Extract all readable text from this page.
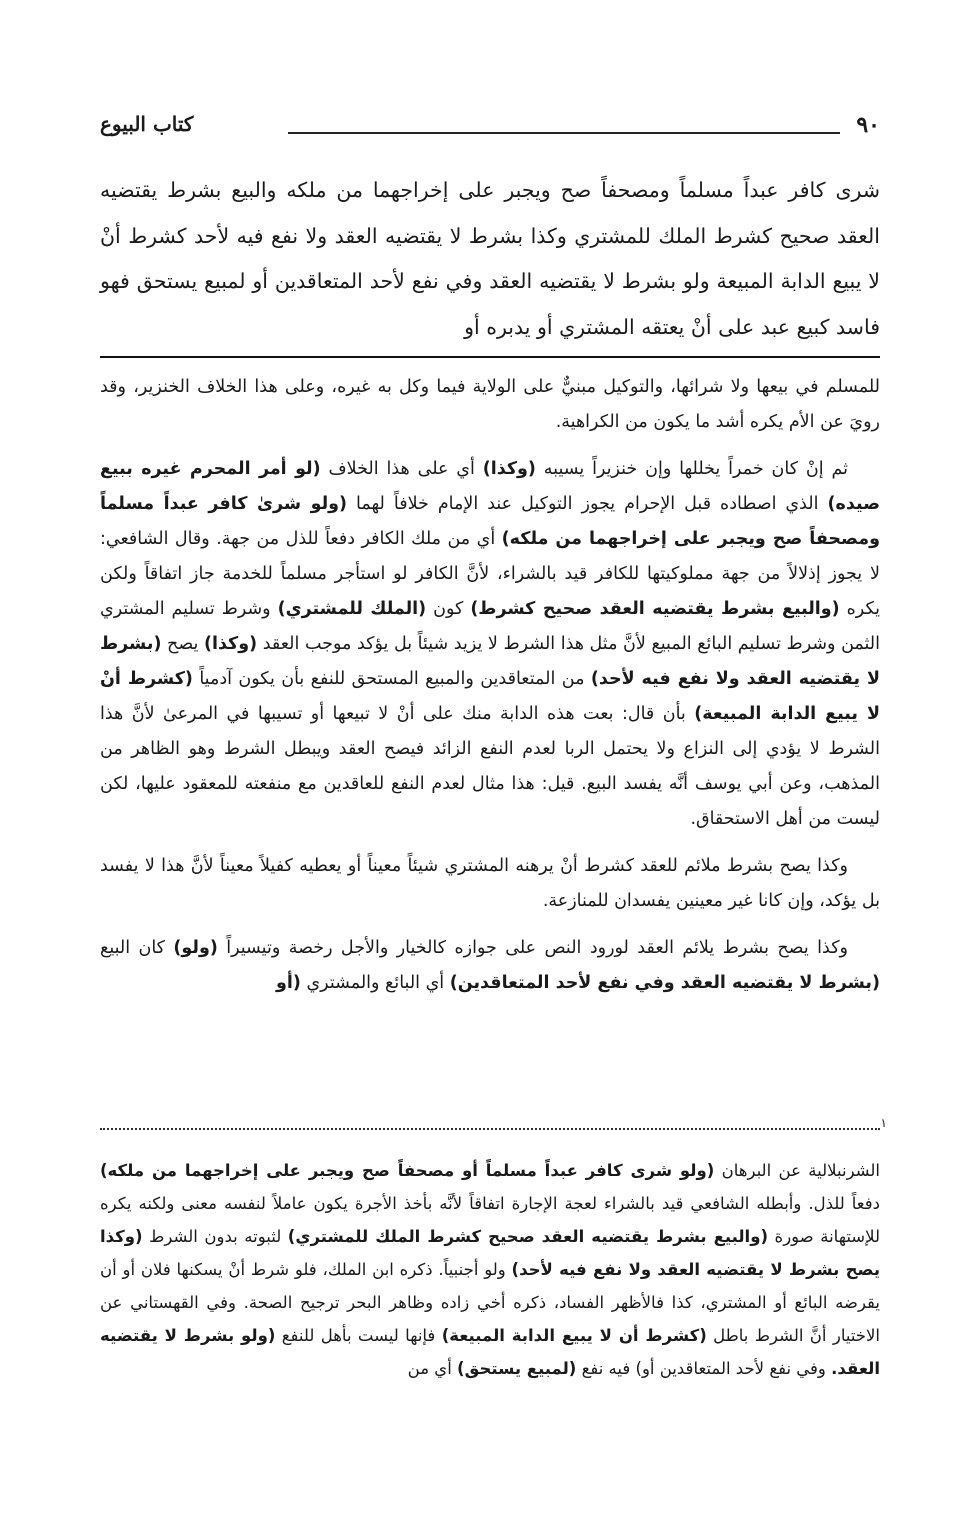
٩٠
كتاب البيوع
شرى كافر عبداً مسلماً ومصحفاً صح ويجبر على إخراجهما من ملكه والبيع بشرط يقتضيه العقد صحيح كشرط الملك للمشتري وكذا بشرط لا يقتضيه العقد ولا نفع فيه لأحد كشرط أنْ لا يبيع الدابة المبيعة ولو بشرط لا يقتضيه العقد وفي نفع لأحد المتعاقدين أو لمبيع يستحق فهو فاسد كبيع عبد على أنْ يعتقه المشتري أو يدبره أو

للمسلم في بيعها ولا شرائها، والتوكيل مبنيٌّ على الولاية فيما وكل به غيره، وعلى هذا الخلاف الخنزير، وقد رويَ عن الأم يكره أشد ما يكون من الكراهية.

ثم إنْ كان خمراً يخللها وإن خنزيراً يسيبه (وكذا) أي على هذا الخلاف (لو أمر المحرم غيره ببيع صيده) الذي اصطاده قبل الإحرام يجوز التوكيل عند الإمام خلافاً لهما (ولو شرىٰ كافر عبداً مسلماً ومصحفاً صح ويجبر على إخراجهما من ملكه) أي من ملك الكافر دفعاً للذل من جهة. وقال الشافعي: لا يجوز إذلالاً من جهة مملوكيتها للكافر قيد بالشراء، لأنَّ الكافر لو استأجر مسلماً للخدمة جاز اتفاقاً ولكن يكره (والبيع بشرط يقتضيه العقد صحيح كشرط) كون (الملك للمشتري) وشرط تسليم المشتري الثمن وشرط تسليم البائع المبيع لأنَّ مثل هذا الشرط لا يزيد شيئاً بل يؤكد موجب العقد (وكذا) يصح (بشرط لا يقتضيه العقد ولا نفع فيه لأحد) من المتعاقدين والمبيع المستحق للنفع بأن يكون آدمياً (كشرط أنْ لا يبيع الدابة المبيعة) بأن قال: بعت هذه الدابة منك على أنْ لا تبيعها أو تسيبها في المرعىٰ لأنَّ هذا الشرط لا يؤدي إلى النزاع ولا يحتمل الربا لعدم النفع الزائد فيصح العقد ويبطل الشرط وهو الظاهر من المذهب، وعن أبي يوسف أنَّه يفسد البيع. قيل: هذا مثال لعدم النفع للعاقدين مع منفعته للمعقود عليها، لكن ليست من أهل الاستحقاق.

وكذا يصح بشرط ملائم للعقد كشرط أنْ يرهنه المشتري شيئاً معيناً أو يعطيه كفيلاً معيناً لأنَّ هذا لا يفسد بل يؤكد، وإن كانا غير معينين يفسدان للمنازعة.

وكذا يصح بشرط يلائم العقد لورود النص على جوازه كالخيار والأجل رخصة وتيسيراً (ولو) كان البيع (بشرط لا يقتضيه العقد وفي نفع لأحد المتعاقدين) أي البائع والمشتري (أو

١

الشرنبلالية عن البرهان (ولو شرى كافر عبداً مسلماً أو مصحفاً صح ويجبر على إخراجهما من ملكه) دفعاً للذل. وأبطله الشافعي قيد بالشراء لعجة الإجارة اتفاقاً لأنَّه بأخذ الأجرة يكون عاملاً لنفسه معنى ولكنه يكره للإستهانة صورة (والبيع بشرط يقتضيه العقد صحيح كشرط الملك للمشتري) لثبوته بدون الشرط (وكذا يصح بشرط لا يقتضيه العقد ولا نفع فيه لأحد) ولو أجنبياً. ذكره ابن الملك، فلو شرط أنْ يسكنها فلان أو أن يقرضه البائع أو المشتري، كذا فالأظهر الفساد، ذكره أخي زاده وظاهر البحر ترجيح الصحة. وفي القهستاني عن الاختيار أنَّ الشرط باطل (كشرط أن لا يبيع الدابة المبيعة) فإنها ليست بأهل للنفع (ولو بشرط لا يقتضيه العقد. وفي نفع لأحد المتعاقدين أو) فيه نفع (لمبيع يستحق) أي من
